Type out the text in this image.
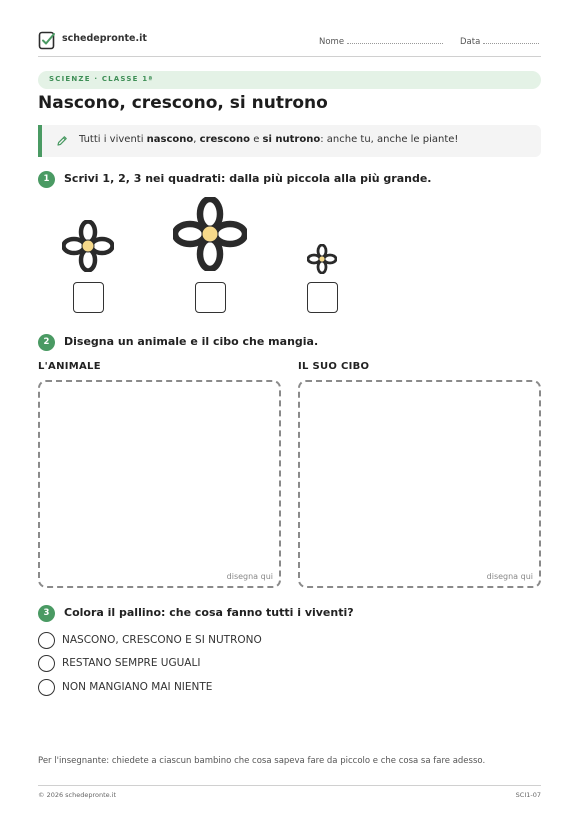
schedepronte.it	Nome	Data
SCIENZE · CLASSE 1ª
Nascono, crescono, si nutrono
Tutti i viventi nascono, crescono e si nutrono: anche tu, anche le piante!
1	Scrivi 1, 2, 3 nei quadrati: dalla più piccola alla più grande.
2	Disegna un animale e il cibo che mangia.
L'ANIMALE	IL SUO CIBO
disegna qui	disegna qui
3	Colora il pallino: che cosa fanno tutti i viventi?
NASCONO, CRESCONO E SI NUTRONO
RESTANO SEMPRE UGUALI
NON MANGIANO MAI NIENTE
Per l'insegnante: chiedete a ciascun bambino che cosa sapeva fare da piccolo e che cosa sa fare adesso.
© 2026 schedepronte.it	SCI1-07
